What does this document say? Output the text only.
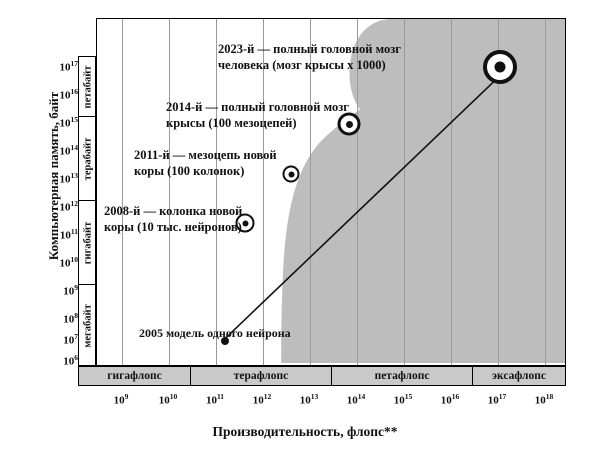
Компьютерная память, байт
$10^{17}$
$10^{16}$
$10^{15}$
$10^{14}$
$10^{13}$
$10^{12}$
$10^{11}$
$10^{10}$
$10^9$
$10^8$
$10^7$
$10^6$
петабайт
терабайт
гигабайт
мегабайт
2023-й — полный головной мозг
человека (мозг крысы х 1000)
2014-й — полный головной мозг
крысы (100 мезоцепей)
2011-й — мезоцепь новой
коры (100 колонок)
2008-й — колонка новой
коры (10 тыс. нейронов)
2005 модель одного нейрона
гигафлопс	терафлопс	петафлопс	эксафлопс
$10^9$	$10^{10}$	$10^{11}$	$10^{12}$	$10^{13}$	$10^{14}$	$10^{15}$	$10^{16}$	$10^{17}$	$10^{18}$
Производительность, флопс**
